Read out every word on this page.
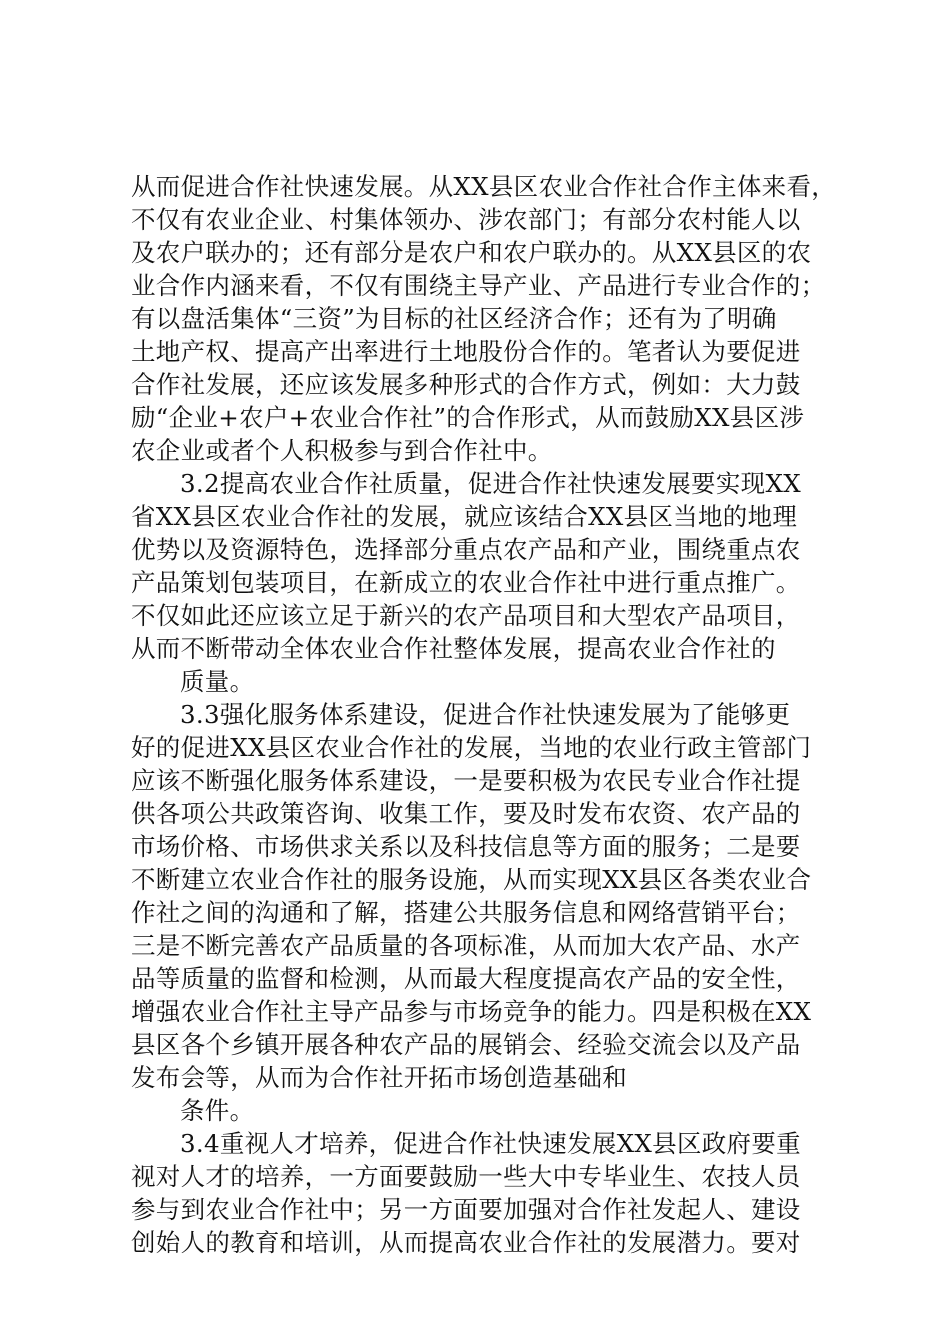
从而促进合作社快速发展。从XX县区农业合作社合作主体来看，
不仅有农业企业、村集体领办、涉农部门；有部分农村能人以
及农户联办的；还有部分是农户和农户联办的。从XX县区的农
业合作内涵来看，不仅有围绕主导产业、产品进行专业合作的；
有以盘活集体“三资”为目标的社区经济合作；还有为了明确
土地产权、提高产出率进行土地股份合作的。笔者认为要促进
合作社发展，还应该发展多种形式的合作方式，例如：大力鼓
励“企业+农户+农业合作社”的合作形式，从而鼓励XX县区涉
农企业或者个人积极参与到合作社中。
3.2提高农业合作社质量，促进合作社快速发展要实现XX
省XX县区农业合作社的发展，就应该结合XX县区当地的地理
优势以及资源特色，选择部分重点农产品和产业，围绕重点农
产品策划包装项目，在新成立的农业合作社中进行重点推广。
不仅如此还应该立足于新兴的农产品项目和大型农产品项目，
从而不断带动全体农业合作社整体发展，提高农业合作社的
质量。
3.3强化服务体系建设，促进合作社快速发展为了能够更
好的促进XX县区农业合作社的发展，当地的农业行政主管部门
应该不断强化服务体系建设，一是要积极为农民专业合作社提
供各项公共政策咨询、收集工作，要及时发布农资、农产品的
市场价格、市场供求关系以及科技信息等方面的服务；二是要
不断建立农业合作社的服务设施，从而实现XX县区各类农业合
作社之间的沟通和了解，搭建公共服务信息和网络营销平台；
三是不断完善农产品质量的各项标准，从而加大农产品、水产
品等质量的监督和检测，从而最大程度提高农产品的安全性，
增强农业合作社主导产品参与市场竞争的能力。四是积极在XX
县区各个乡镇开展各种农产品的展销会、经验交流会以及产品
发布会等，从而为合作社开拓市场创造基础和
条件。
3.4重视人才培养，促进合作社快速发展XX县区政府要重
视对人才的培养，一方面要鼓励一些大中专毕业生、农技人员
参与到农业合作社中；另一方面要加强对合作社发起人、建设
创始人的教育和培训，从而提高农业合作社的发展潜力。要对
